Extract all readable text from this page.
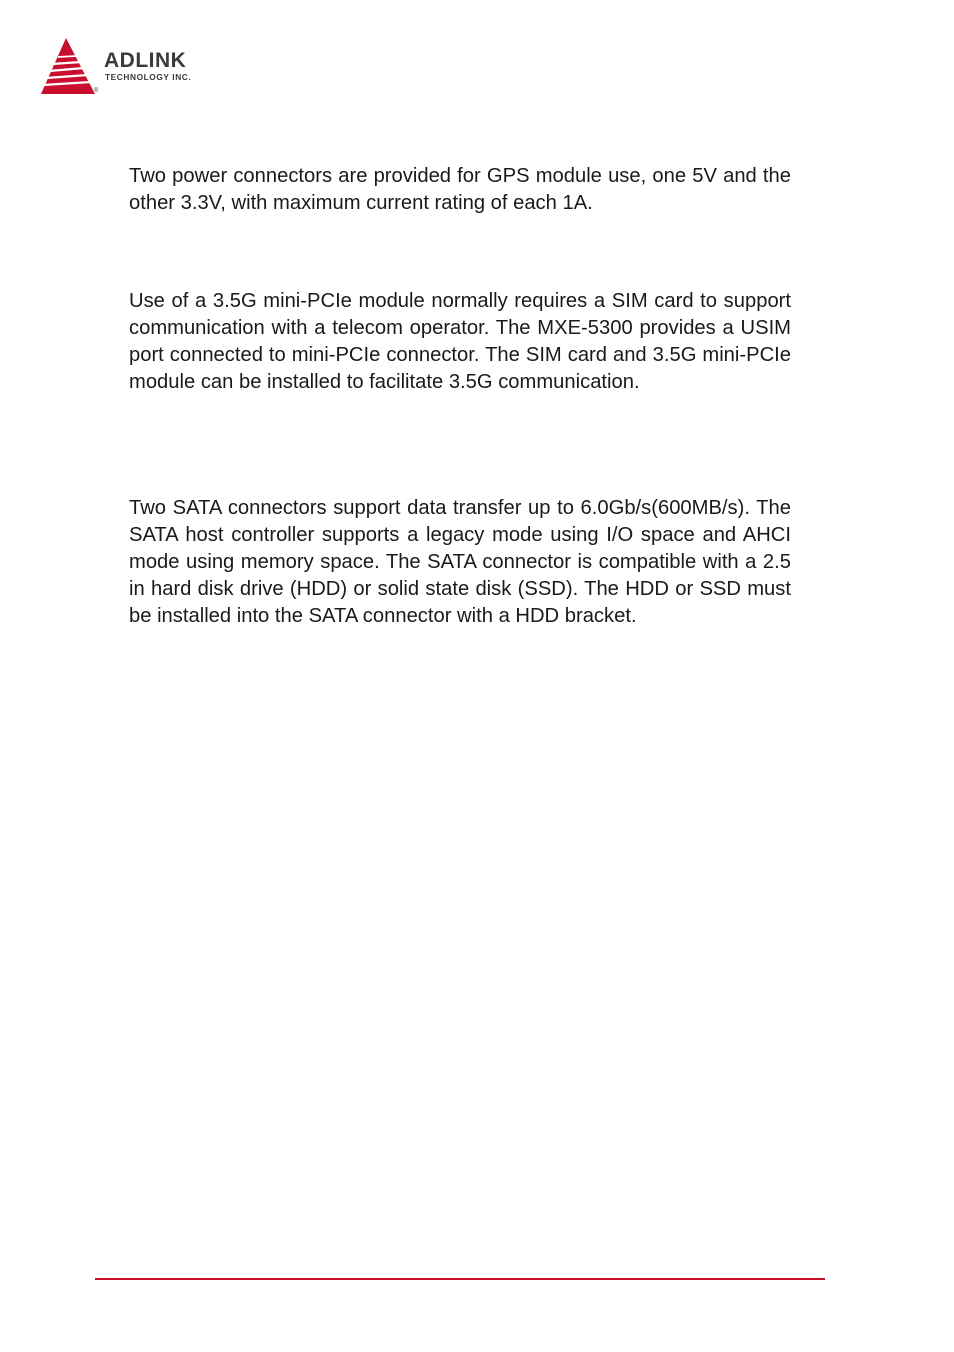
ADLINK
TECHNOLOGY INC.
®

Two power connectors are provided for GPS module use, one 5V and the other 3.3V, with maximum current rating of each 1A.

Use of a 3.5G mini-PCIe module normally requires a SIM card to support communication with a telecom operator. The MXE-5300 provides a USIM port connected to mini-PCIe connector. The SIM card and 3.5G mini-PCIe module can be installed to facilitate 3.5G communication.

Two SATA connectors support data transfer up to 6.0Gb/s(600MB/​s). The SATA host controller supports a legacy mode using I/O space and AHCI mode using memory space. The SATA connector is compatible with a 2.5 in hard disk drive (HDD) or solid state disk (SSD). The HDD or SSD must be installed into the SATA connector with a HDD bracket.
